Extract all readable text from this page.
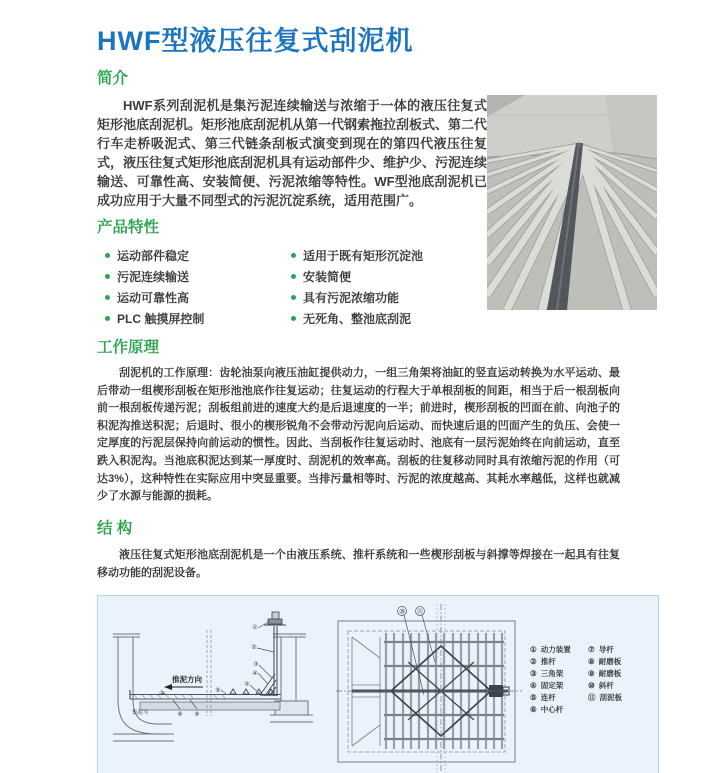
HWF型液压往复式刮泥机
简介

HWF系列刮泥机是集污泥连续输送与浓缩于一体的液压往复式矩形池底刮泥机。矩形池底刮泥机从第一代钢索拖拉刮板式、第二代行车走桥吸泥式、第三代链条刮板式演变到现在的第四代液压往复式，液压往复式矩形池底刮泥机具有运动部件少、维护少、污泥连续输送、可靠性高、安装简便、污泥浓缩等特性。WF型池底刮泥机已成功应用于大量不同型式的污泥沉淀系统，适用范围广。

产品特性
运动部件稳定
污泥连续输送
运动可靠性高
PLC 触摸屏控制
适用于既有矩形沉淀池
安装简便
具有污泥浓缩功能
无死角、整池底刮泥
工作原理

刮泥机的工作原理：齿轮油泵向液压油缸提供动力，一组三角架将油缸的竖直运动转换为水平运动、最后带动一组楔形刮板在矩形池池底作往复运动；往复运动的行程大于单根刮板的间距，相当于后一根刮板向前一根刮板传递污泥；刮板组前进的速度大约是后退速度的一半；前进时，楔形刮板的凹面在前、向池子的积泥沟推送积泥；后退时、很小的楔形锐角不会带动污泥向后运动、而快速后退的凹面产生的负压、会使一定厚度的污泥层保持向前运动的惯性。因此、当刮板作往复运动时、池底有一层污泥始终在向前运动，直至跌入积泥沟。当池底积泥达到某一厚度时、刮泥机的效率高。刮板的往复移动同时具有浓缩污泥的作用（可达3%），这种特性在实际应用中突显重要。当排污量相等时、污泥的浓度越高、其耗水率越低，这样也就减少了水源与能源的损耗。

结 构

液压往复式矩形池底刮泥机是一个由液压系统、推杆系统和一些楔形刮板与斜撑等焊接在一起具有往复移动功能的刮泥设备。

推泥方向
集泥斗
①
②
③
④
⑤
⑥
⑦
⑧ ⑨
⑩ ⑪
① 动力装置
② 推杆
③ 三角架
④ 固定架
⑤ 连杆
⑥ 中心杆
⑦ 导杆
⑧ 耐磨板
⑨ 耐磨板
⑩ 斜杆
⑪ 刮泥板
